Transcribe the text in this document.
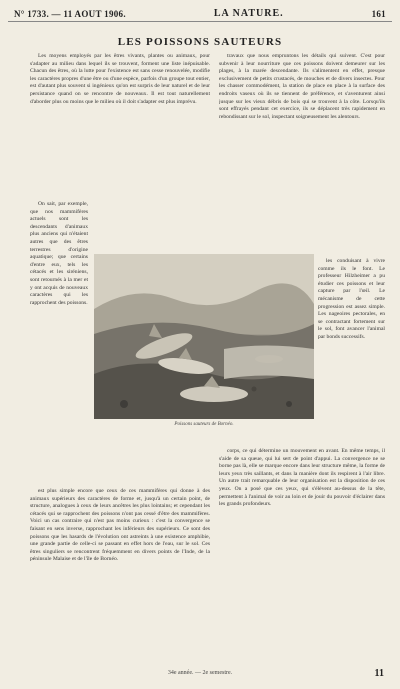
N° 1733. — 11 AOUT 1906.	LA NATURE.	161
LES POISSONS SAUTEURS

Les moyens employés par les êtres vivants, plantes ou animaux, pour s'adapter au milieu dans lequel ils se trouvent, forment une liste inépuisable. Chacun des êtres, où la lutte pour l'existence est sans cesse renouvelée, modifie les caractères propres d'une être ou d'une espèce, parfois d'un groupe tout entier, est d'autant plus souvent si ingénieux qu'on est surpris de leur naturel et de leur persistance quand on se rencontre de nouveaux. Il est tout naturellement d'aborder plus ou moins que le milieu où il doit s'adapter est plus imprévu.

travaux que nous empruntons les détails qui suivent. C'est pour subvenir à leur nourriture que ces poissons doivent demeurer sur les plages, à la marée descendante. Ils s'alimentent en effet, presque exclusivement de petits crustacés, de mouches et de divers insectes. Pour les chasser commodément, la station de place en place à la surface des endroits vaseux où ils se tiennent de préférence, et s'aventurent ainsi jusque sur les vieux débris de bois qui se trouvent à la côte. Lorsqu'ils sont effrayés pendant cet exercice, ils se déplacent très rapidement en rebondissant sur le sol, inspectant soigneusement les alentours.

On sait, par exemple, que nos mammifères actuels sont les descendants d'animaux plus anciens qui n'étaient autres que des êtres terrestres d'origine aquatique; que certains d'entre eux, tels les cétacés et les siréniens, sont retournés à la mer et y ont acquis de nouveaux caractères qui les rapprochent des poissons.

les conduisant à vivre comme ils le font. Le professeur Hilzheimer a pu étudier ces poissons et leur capture par l'œil. Le mécanisme de cette progression est assez simple. Les nageoires pectorales, en se contractant fortement sur le sol, font avancer l'animal par bonds successifs.

Poissons sauteurs de Bornéo.

est plus simple encore que ceux de ces mammifères qui donne à des animaux supérieurs des caractères de forme et, jusqu'à un certain point, de structure, analogues à ceux de leurs ancêtres les plus lointains; et cependant les cétacés qui se rapprochent des poissons n'ont pas cessé d'être des mammifères. Voici un cas contraire qui n'est pas moins curieux : c'est la convergence se faisant en sens inverse, rapprochant les inférieurs des supérieurs. Ce sont des poissons que les hasards de l'évolution ont astreints à une existence amphibie, une grande partie de celle-ci se passant en effet hors de l'eau, sur le sol. Ces êtres singuliers se rencontrent fréquemment en divers points de l'Inde, de la péninsule Malaise et de l'île de Bornéo.

corps, ce qui détermine un mouvement en avant. En même temps, il s'aide de sa queue, qui lui sert de point d'appui. La convergence ne se borne pas là, elle se marque encore dans leur structure même, la forme de leurs yeux très saillants, et dans la manière dont ils respirent à l'air libre. Un autre trait remarquable de leur organisation est la disposition de ces yeux. On a posé que ces yeux, qui s'élèvent au-dessus de la tête, permettent à l'animal de voir au loin et de jouir du pouvoir d'éclairer dans les grands profondeurs.

34e année. — 2e semestre.	11
